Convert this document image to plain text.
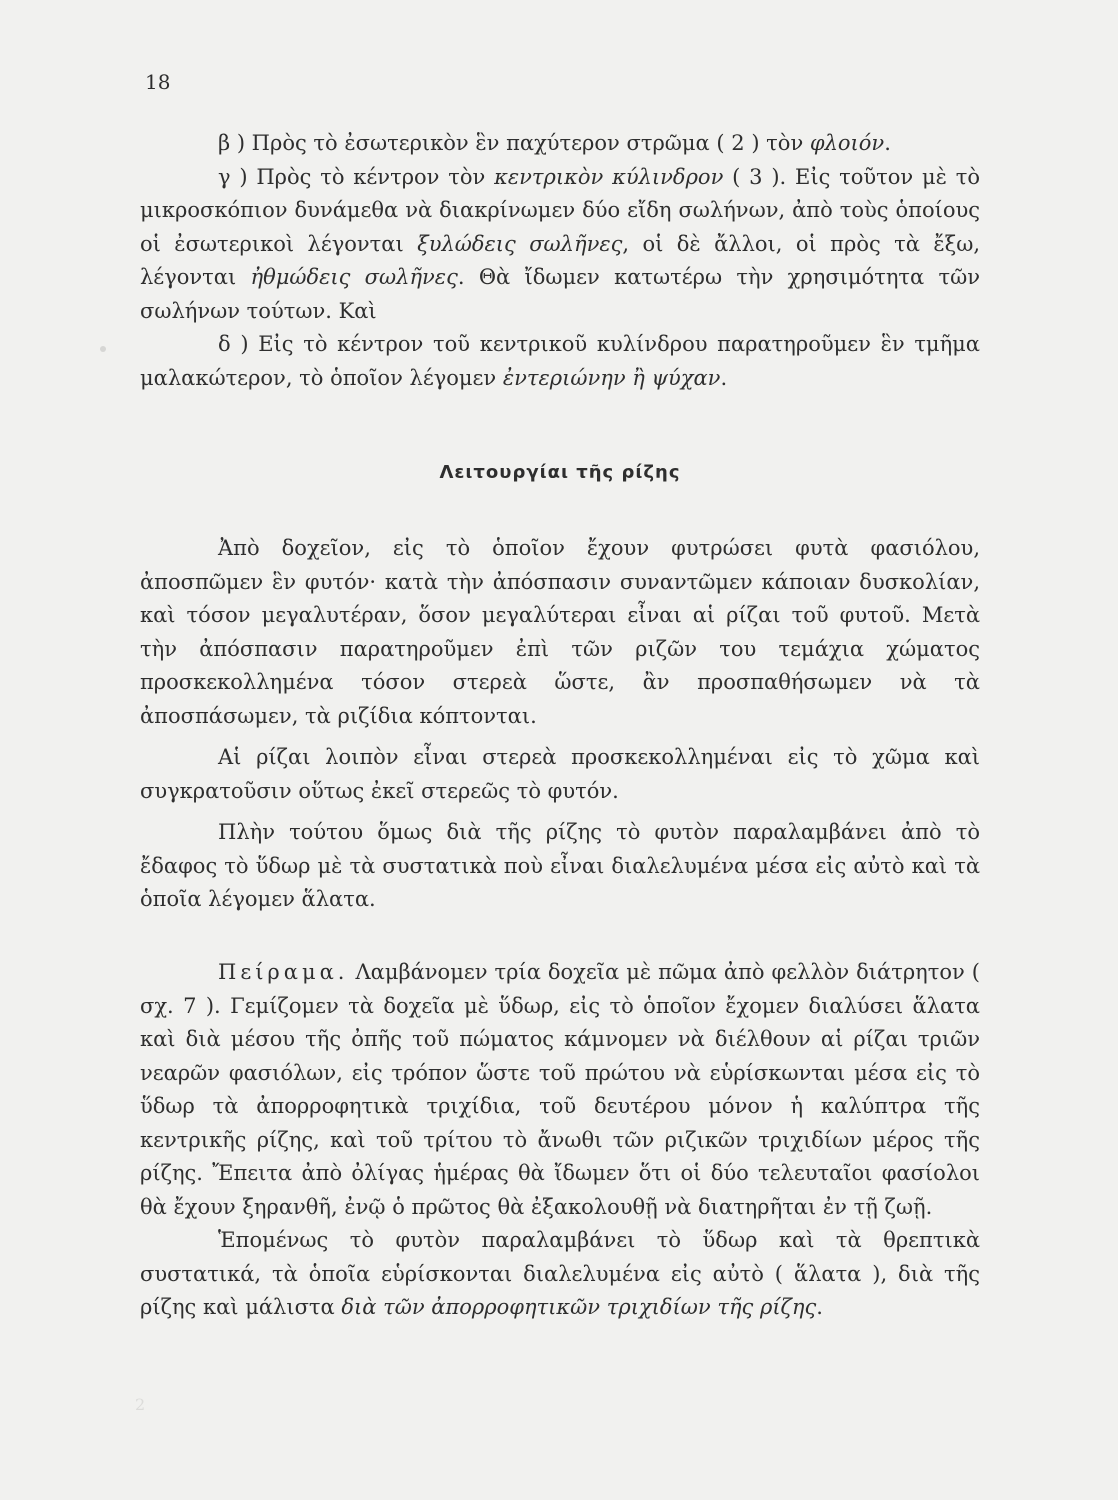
18

β ) Πρὸς τὸ ἐσωτερικὸν ἓν παχύτερον στρῶμα ( 2 ) τὸν φλοιόν.

γ ) Πρὸς τὸ κέντρον τὸν κεντρικὸν κύλινδρον ( 3 ). Εἰς τοῦτον μὲ τὸ μικροσκόπιον δυνάμεθα νὰ διακρίνωμεν δύο εἴδη σωλήνων, ἀπὸ τοὺς ὁποίους οἱ ἐσωτερικοὶ λέγονται ξυλώδεις σωλῆνες, οἱ δὲ ἄλλοι, οἱ πρὸς τὰ ἔξω, λέγονται ἠθμώδεις σωλῆνες. Θὰ ἴδωμεν κατωτέρω τὴν χρησιμότητα τῶν σωλήνων τούτων. Καὶ

δ ) Εἰς τὸ κέντρον τοῦ κεντρικοῦ κυλίνδρου παρατηροῦμεν ἓν τμῆμα μαλακώτερον, τὸ ὁποῖον λέγομεν ἐντεριώνην ἢ ψύχαν.

Λειτουργίαι τῆς ρίζης

Ἀπὸ δοχεῖον, εἰς τὸ ὁποῖον ἔχουν φυτρώσει φυτὰ φασιόλου, ἀποσπῶμεν ἓν φυτόν· κατὰ τὴν ἀπόσπασιν συναντῶμεν κάποιαν δυσκολίαν, καὶ τόσον μεγαλυτέραν, ὅσον μεγαλύτεραι εἶναι αἱ ρίζαι τοῦ φυτοῦ. Μετὰ τὴν ἀπόσπασιν παρατηροῦμεν ἐπὶ τῶν ριζῶν του τεμάχια χώματος προσκεκολλημένα τόσον στερεὰ ὥστε, ἂν προσπαθήσωμεν νὰ τὰ ἀποσπάσωμεν, τὰ ριζίδια κόπτονται.

Αἱ ρίζαι λοιπὸν εἶναι στερεὰ προσκεκολλημέναι εἰς τὸ χῶμα καὶ συγκρατοῦσιν οὕτως ἐκεῖ στερεῶς τὸ φυτόν.

Πλὴν τούτου ὅμως διὰ τῆς ρίζης τὸ φυτὸν παραλαμβάνει ἀπὸ τὸ ἔδαφος τὸ ὕδωρ μὲ τὰ συστατικὰ ποὺ εἶναι διαλελυμένα μέσα εἰς αὐτὸ καὶ τὰ ὁποῖα λέγομεν ἅλατα.

Πείραμα. Λαμβάνομεν τρία δοχεῖα μὲ πῶμα ἀπὸ φελλὸν διάτρητον ( σχ. 7 ). Γεμίζομεν τὰ δοχεῖα μὲ ὕδωρ, εἰς τὸ ὁποῖον ἔχομεν διαλύσει ἅλατα καὶ διὰ μέσου τῆς ὀπῆς τοῦ πώματος κάμνομεν νὰ διέλθουν αἱ ρίζαι τριῶν νεαρῶν φασιόλων, εἰς τρόπον ὥστε τοῦ πρώτου νὰ εὑρίσκωνται μέσα εἰς τὸ ὕδωρ τὰ ἀπορροφητικὰ τριχίδια, τοῦ δευτέρου μόνον ἡ καλύπτρα τῆς κεντρικῆς ρίζης, καὶ τοῦ τρίτου τὸ ἄνωθι τῶν ριζικῶν τριχιδίων μέρος τῆς ρίζης. Ἔπειτα ἀπὸ ὀλίγας ἡμέρας θὰ ἴδωμεν ὅτι οἱ δύο τελευταῖοι φασίολοι θὰ ἔχουν ξηρανθῆ, ἐνῷ ὁ πρῶτος θὰ ἐξακολουθῇ νὰ διατηρῆται ἐν τῇ ζωῇ.

Ἑπομένως τὸ φυτὸν παραλαμβάνει τὸ ὕδωρ καὶ τὰ θρεπτικὰ συστατικά, τὰ ὁποῖα εὑρίσκονται διαλελυμένα εἰς αὐτὸ ( ἅλατα ), διὰ τῆς ρίζης καὶ μάλιστα διὰ τῶν ἀπορροφητικῶν τριχιδίων τῆς ρίζης.

2
